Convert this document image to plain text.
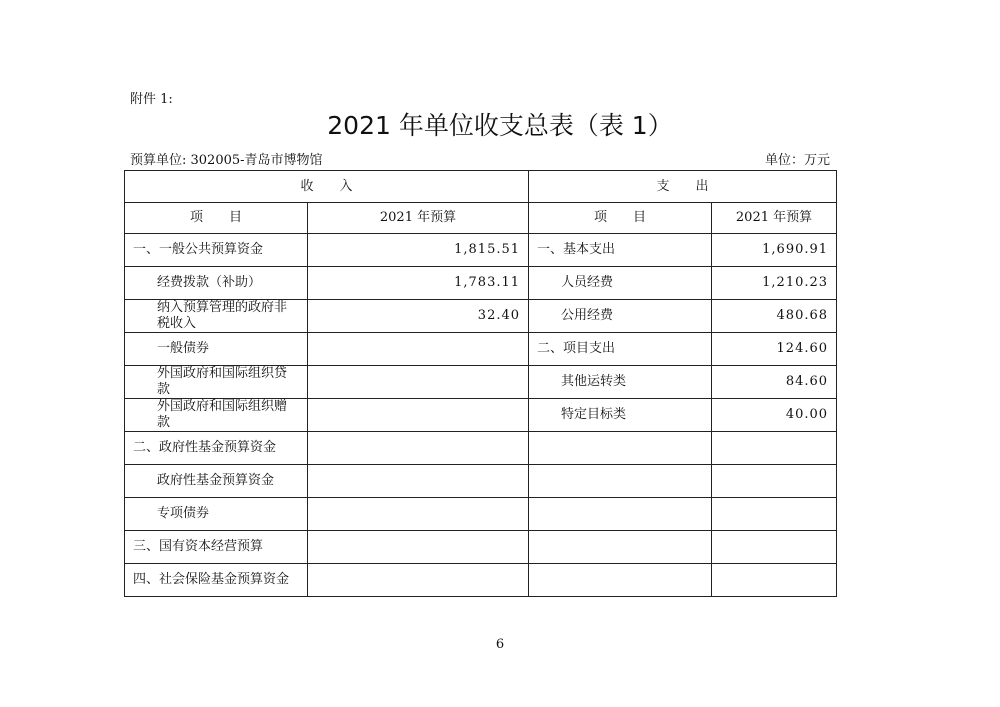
附件 1:
2021 年单位收支总表（表 1）
预算单位: 302005-青岛市博物馆	单位：万元
收　　入		支　　出	
项　　目	2021 年预算	项　　目	2021 年预算
一、一般公共预算资金	1,815.51	一、基本支出	1,690.91
经费拨款（补助）	1,783.11	人员经费	1,210.23
纳入预算管理的政府非税收入	32.40	公用经费	480.68
一般债券		二、项目支出	124.60
外国政府和国际组织贷款		其他运转类	84.60
外国政府和国际组织赠款		特定目标类	40.00
二、政府性基金预算资金			
政府性基金预算资金			
专项债券			
三、国有资本经营预算			
四、社会保险基金预算资金			
6
